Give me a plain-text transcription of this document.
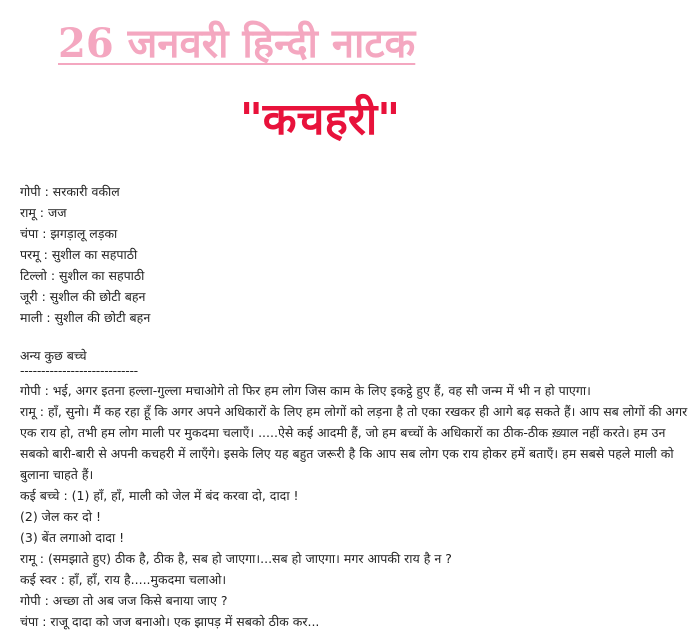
26 जनवरी हिन्दी नाटक
"कचहरी"
गोपी : सरकारी वकील
रामू : जज
चंपा : झगड़ालू लड़का
परमू : सुशील का सहपाठी
टिल्लो : सुशील का सहपाठी
जूरी : सुशील की छोटी बहन
माली : सुशील की छोटी बहन
अन्य कुछ बच्चे
----------------------------

गोपी : भई, अगर इतना हल्ला-गुल्ला मचाओगे तो फिर हम लोग जिस काम के लिए इकट्ठे हुए हैं, वह सौ जन्म में भी न हो पाएगा।

रामू : हाँ, सुनो। मैं कह रहा हूँ कि अगर अपने अधिकारों के लिए हम लोगों को लड़ना है तो एका रखकर ही आगे बढ़ सकते हैं। आप सब लोगों की अगर एक राय हो, तभी हम लोग माली पर मुकदमा चलाएँ। .....ऐसे कई आदमी हैं, जो हम बच्चों के अधिकारों का ठीक-ठीक ख़्याल नहीं करते। हम उन सबको बारी-बारी से अपनी कचहरी में लाएँगे। इसके लिए यह बहुत जरूरी है कि आप सब लोग एक राय होकर हमें बताएँ। हम सबसे पहले माली को बुलाना चाहते हैं।

कई बच्चे : (1) हाँ, हाँ, माली को जेल में बंद करवा दो, दादा !

(2) जेल कर दो !

(3) बेंत लगाओ दादा !

रामू : (समझाते हुए) ठीक है, ठीक है, सब हो जाएगा।...सब हो जाएगा। मगर आपकी राय है न ?

कई स्वर : हाँ, हाँ, राय है.....मुकदमा चलाओ।

गोपी : अच्छा तो अब जज किसे बनाया जाए ?

चंपा : राजू दादा को जज बनाओ। एक झापड़ में सबको ठीक कर...
